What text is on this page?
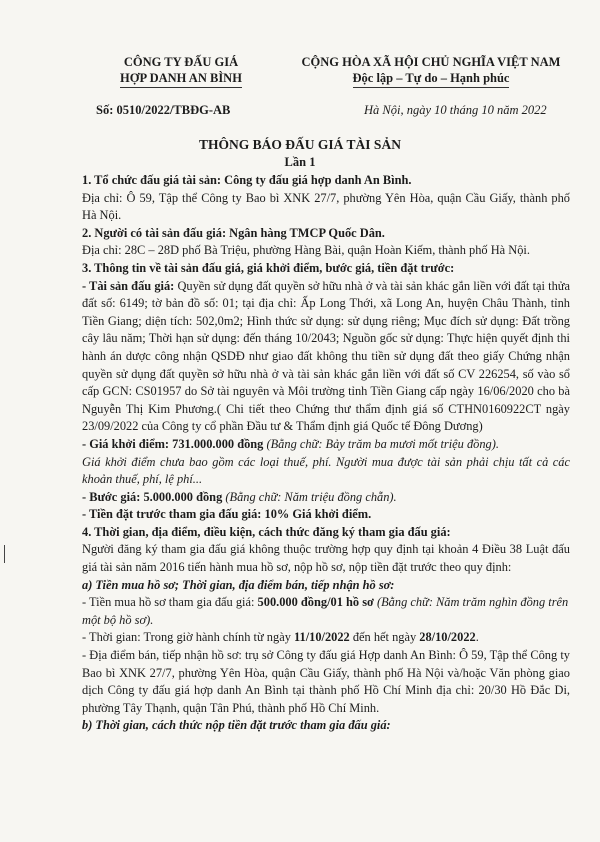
CÔNG TY ĐẤU GIÁ
HỢP DANH AN BÌNH
CỘNG HÒA XÃ HỘI CHỦ NGHĨA VIỆT NAM
Độc lập – Tự do – Hạnh phúc
Số: 0510/2022/TBĐG-AB	Hà Nội, ngày 10 tháng 10 năm 2022
THÔNG BÁO ĐẤU GIÁ TÀI SẢN
Lần 1

1. Tổ chức đấu giá tài sản: Công ty đấu giá hợp danh An Bình.

Địa chỉ: Ô 59, Tập thể Công ty Bao bì XNK 27/7, phường Yên Hòa, quận Cầu Giấy, thành phố Hà Nội.

2. Người có tài sản đấu giá: Ngân hàng TMCP Quốc Dân.

Địa chỉ: 28C – 28D phố Bà Triệu, phường Hàng Bài, quận Hoàn Kiếm, thành phố Hà Nội.

3. Thông tin về tài sản đấu giá, giá khởi điểm, bước giá, tiền đặt trước:

- Tài sản đấu giá: Quyền sử dụng đất quyền sở hữu nhà ở và tài sản khác gắn liền với đất tại thửa đất số: 6149; tờ bản đồ số: 01; tại địa chỉ: Ấp Long Thới, xã Long An, huyện Châu Thành, tỉnh Tiền Giang; diện tích: 502,0m2; Hình thức sử dụng: sử dụng riêng; Mục đích sử dụng: Đất trồng cây lâu năm; Thời hạn sử dụng: đến tháng 10/2043; Nguồn gốc sử dụng: Thực hiện quyết định thi hành án dược công nhận QSDĐ như giao đất không thu tiền sử dụng đất theo giấy Chứng nhận quyền sử dụng đất quyền sở hữu nhà ở và tài sản khác gắn liền với đất số CV 226254, số vào sổ cấp GCN: CS01957 do Sở tài nguyên và Môi trường tỉnh Tiền Giang cấp ngày 16/06/2020 cho bà Nguyễn Thị Kim Phương.( Chi tiết theo Chứng thư thẩm định giá số CTHN0160922CT ngày 23/09/2022 của Công ty cổ phần Đầu tư & Thẩm định giá Quốc tế Đông Dương)

- Giá khởi điểm: 731.000.000 đồng (Bằng chữ: Bảy trăm ba mươi mốt triệu đồng).

Giá khởi điểm chưa bao gồm các loại thuế, phí. Người mua được tài sản phải chịu tất cả các khoản thuế, phí, lệ phí...

- Bước giá: 5.000.000 đồng (Bằng chữ: Năm triệu đồng chẵn).

- Tiền đặt trước tham gia đấu giá: 10% Giá khởi điểm.

4. Thời gian, địa điểm, điều kiện, cách thức đăng ký tham gia đấu giá:

Người đăng ký tham gia đấu giá không thuộc trường hợp quy định tại khoản 4 Điều 38 Luật đấu giá tài sản năm 2016 tiến hành mua hồ sơ, nộp hồ sơ, nộp tiền đặt trước theo quy định:

a) Tiền mua hồ sơ; Thời gian, địa điểm bán, tiếp nhận hồ sơ:

- Tiền mua hồ sơ tham gia đấu giá: 500.000 đồng/01 hồ sơ (Bằng chữ: Năm trăm nghìn đồng trên một bộ hồ sơ).

- Thời gian: Trong giờ hành chính từ ngày 11/10/2022 đến hết ngày 28/10/2022.

- Địa điểm bán, tiếp nhận hồ sơ: trụ sở Công ty đấu giá Hợp danh An Bình: Ô 59, Tập thể Công ty Bao bì XNK 27/7, phường Yên Hòa, quận Cầu Giấy, thành phố Hà Nội và/hoặc Văn phòng giao dịch Công ty đấu giá hợp danh An Bình tại thành phố Hồ Chí Minh địa chỉ: 20/30 Hồ Đắc Di, phường Tây Thạnh, quận Tân Phú, thành phố Hồ Chí Minh.

b) Thời gian, cách thức nộp tiền đặt trước tham gia đấu giá:
